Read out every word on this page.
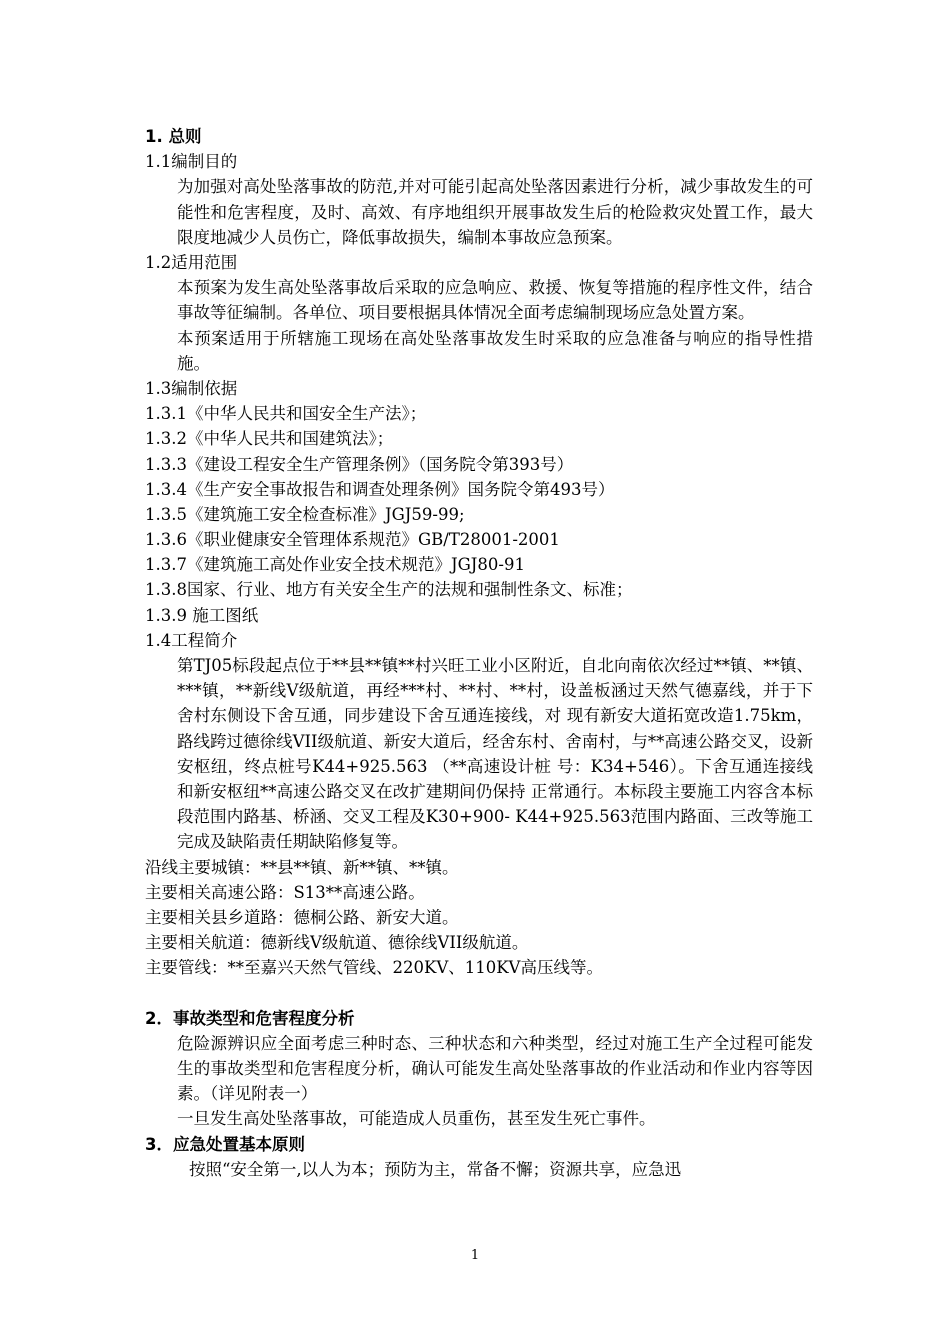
1. 总则
1.1编制目的
为加强对高处坠落事故的防范,并对可能引起高处坠落因素进行分析，减少事故发生的可能性和危害程度，及时、高效、有序地组织开展事故发生后的枪险救灾处置工作，最大限度地减少人员伤亡，降低事故损失，编制本事故应急预案。
1.2适用范围
本预案为发生高处坠落事故后采取的应急响应、救援、恢复等措施的程序性文件，结合事故等征编制。各单位、项目要根据具体情况全面考虑编制现场应急处置方案。
本预案适用于所辖施工现场在高处坠落事故发生时采取的应急准备与响应的指导性措施。
1.3编制依据
1.3.1《中华人民共和国安全生产法》；
1.3.2《中华人民共和国建筑法》；
1.3.3《建设工程安全生产管理条例》（国务院令第393号）
1.3.4《生产安全事故报告和调查处理条例》国务院令第493号）
1.3.5《建筑施工安全检查标准》JGJ59-99;
1.3.6《职业健康安全管理体系规范》GB/T28001-2001
1.3.7《建筑施工高处作业安全技术规范》JGJ80-91
1.3.8国家、行业、地方有关安全生产的法规和强制性条文、标准；
1.3.9 施工图纸
1.4工程简介
第TJ05标段起点位于**县**镇**村兴旺工业小区附近，自北向南依次经过**镇、**镇、***镇，**新线Ⅴ级航道，再经***村、**村、**村，设盖板涵过天然气德嘉线，并于下舍村东侧设下舍互通，同步建设下舍互通连接线，对 现有新安大道拓宽改造1.75km，路线跨过德徐线VII级航道、新安大道后，经舍东村、舍南村，与**高速公路交叉，设新安枢纽，终点桩号K44+925.563 （**高速设计桩 号：K34+546）。下舍互通连接线和新安枢纽**高速公路交叉在改扩建期间仍保持 正常通行。本标段主要施工内容含本标段范围内路基、桥涵、交叉工程及K30+900- K44+925.563范围内路面、三改等施工完成及缺陷责任期缺陷修复等。
沿线主要城镇：**县**镇、新**镇、**镇。
主要相关高速公路：S13**高速公路。
主要相关县乡道路：德桐公路、新安大道。
主要相关航道：德新线Ⅴ级航道、德徐线VII级航道。
主要管线：**至嘉兴天然气管线、220KV、110KV高压线等。
2．事故类型和危害程度分析
危险源辨识应全面考虑三种时态、三种状态和六种类型，经过对施工生产全过程可能发生的事故类型和危害程度分析，确认可能发生高处坠落事故的作业活动和作业内容等因素。（详见附表一）
一旦发生高处坠落事故，可能造成人员重伤，甚至发生死亡事件。
3．应急处置基本原则
按照“安全第一,以人为本；预防为主，常备不懈；资源共享，应急迅
1
